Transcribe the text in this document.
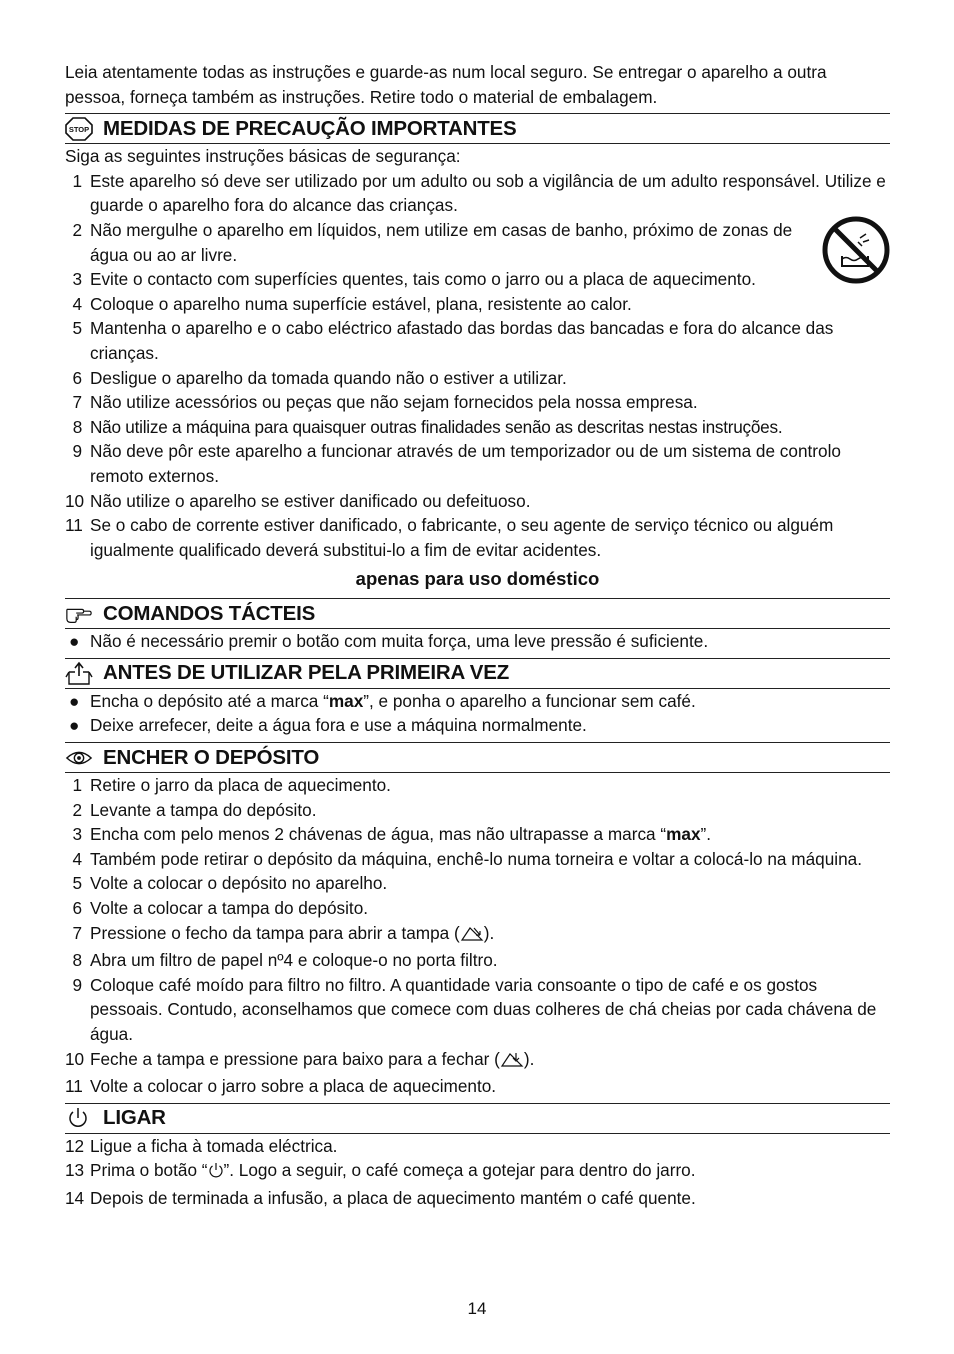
Leia atentamente todas as instruções e guarde-as num local seguro. Se entregar o aparelho a outra pessoa, forneça também as instruções. Retire todo o material de embalagem.

STOP MEDIDAS DE PRECAUÇÃO IMPORTANTES
Siga as seguintes instruções básicas de segurança:
1 Este aparelho só deve ser utilizado por um adulto ou sob a vigilância de um adulto responsável. Utilize e guarde o aparelho fora do alcance das crianças.
2 Não mergulhe o aparelho em líquidos, nem utilize em casas de banho, próximo de zonas de água ou ao ar livre.
3 Evite o contacto com superfícies quentes, tais como o jarro ou a placa de aquecimento.
4 Coloque o aparelho numa superfície estável, plana, resistente ao calor.
5 Mantenha o aparelho e o cabo eléctrico afastado das bordas das bancadas e fora do alcance das crianças.
6 Desligue o aparelho da tomada quando não o estiver a utilizar.
7 Não utilize acessórios ou peças que não sejam fornecidos pela nossa empresa.
8 Não utilize a máquina para quaisquer outras finalidades senão as descritas nestas instruções.
9 Não deve pôr este aparelho a funcionar através de um temporizador ou de um sistema de controlo remoto externos.
10 Não utilize o aparelho se estiver danificado ou defeituoso.
11 Se o cabo de corrente estiver danificado, o fabricante, o seu agente de serviço técnico ou alguém igualmente qualificado deverá substitui-lo a fim de evitar acidentes.
apenas para uso doméstico
COMANDOS TÁCTEIS
● Não é necessário premir o botão com muita força, uma leve pressão é suficiente.
ANTES DE UTILIZAR PELA PRIMEIRA VEZ
● Encha o depósito até a marca “max”, e ponha o aparelho a funcionar sem café.
● Deixe arrefecer, deite a água fora e use a máquina normalmente.
ENCHER O DEPÓSITO
1 Retire o jarro da placa de aquecimento.
2 Levante a tampa do depósito.
3 Encha com pelo menos 2 chávenas de água, mas não ultrapasse a marca “max”.
4 Também pode retirar o depósito da máquina, enchê-lo numa torneira e voltar a colocá-lo na máquina.
5 Volte a colocar o depósito no aparelho.
6 Volte a colocar a tampa do depósito.
7 Pressione o fecho da tampa para abrir a tampa ( ).
8 Abra um filtro de papel nº4 e coloque-o no porta filtro.
9 Coloque café moído para filtro no filtro. A quantidade varia consoante o tipo de café e os gostos pessoais. Contudo, aconselhamos que comece com duas colheres de chá cheias por cada chávena de água.
10 Feche a tampa e pressione para baixo para a fechar ( ).
11 Volte a colocar o jarro sobre a placa de aquecimento.
LIGAR
12 Ligue a ficha à tomada eléctrica.
13 Prima o botão “ ”. Logo a seguir, o café começa a gotejar para dentro do jarro.
14 Depois de terminada a infusão, a placa de aquecimento mantém o café quente.
14
